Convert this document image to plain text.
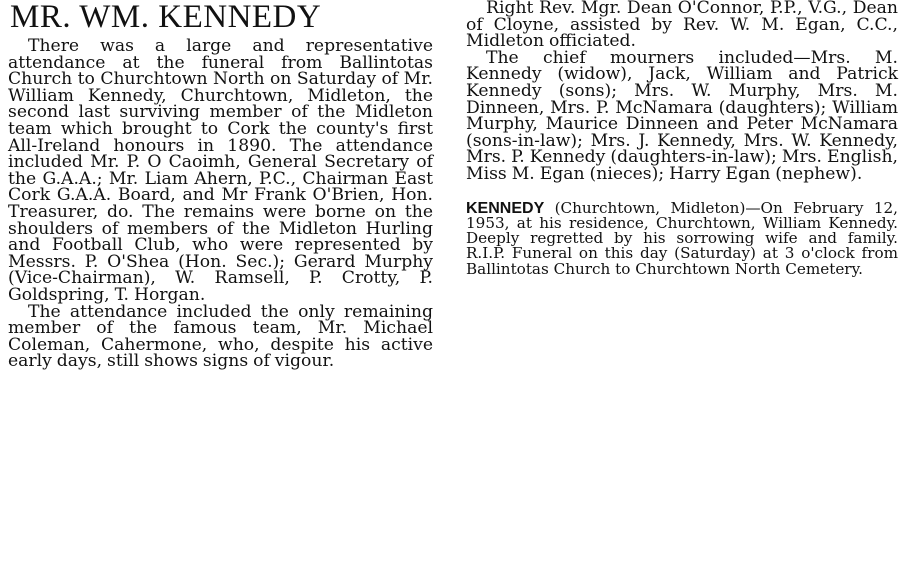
MR. WM. KENNEDY

There was a large and representative attendance at the funeral from Ballintotas Church to Churchtown North on Saturday of Mr. William Kennedy, Churchtown, Midleton, the second last surviving member of the Midleton team which brought to Cork the county's first All-Ireland honours in 1890. The attendance included Mr. P. O Caoimh, General Secretary of the G.A.A.; Mr. Liam Ahern, P.C., Chairman East Cork G.A.A. Board, and Mr Frank O'Brien, Hon. Treasurer, do. The remains were borne on the shoulders of members of the Midleton Hurling and Football Club, who were represented by Messrs. P. O'Shea (Hon. Sec.); Gerard Murphy (Vice-Chairman), W. Ramsell, P. Crotty, P. Goldspring, T. Horgan.

The attendance included the only remaining member of the famous team, Mr. Michael Coleman, Cahermone, who, despite his active early days, still shows signs of vigour.

Right Rev. Mgr. Dean O'Connor, P.P., V.G., Dean of Cloyne, assisted by Rev. W. M. Egan, C.C., Midleton officiated.

The chief mourners included—Mrs. M. Kennedy (widow), Jack, William and Patrick Kennedy (sons); Mrs. W. Murphy, Mrs. M. Dinneen, Mrs. P. McNamara (daughters); William Murphy, Maurice Dinneen and Peter McNamara (sons-in-law); Mrs. J. Kennedy, Mrs. W. Kennedy, Mrs. P. Kennedy (daughters-in-law); Mrs. English, Miss M. Egan (nieces); Harry Egan (nephew).

KENNEDY (Churchtown, Midleton)—On February 12, 1953, at his residence, Churchtown, William Kennedy. Deeply regretted by his sorrowing wife and family. R.I.P. Funeral on this day (Saturday) at 3 o'clock from Ballintotas Church to Churchtown North Cemetery.
